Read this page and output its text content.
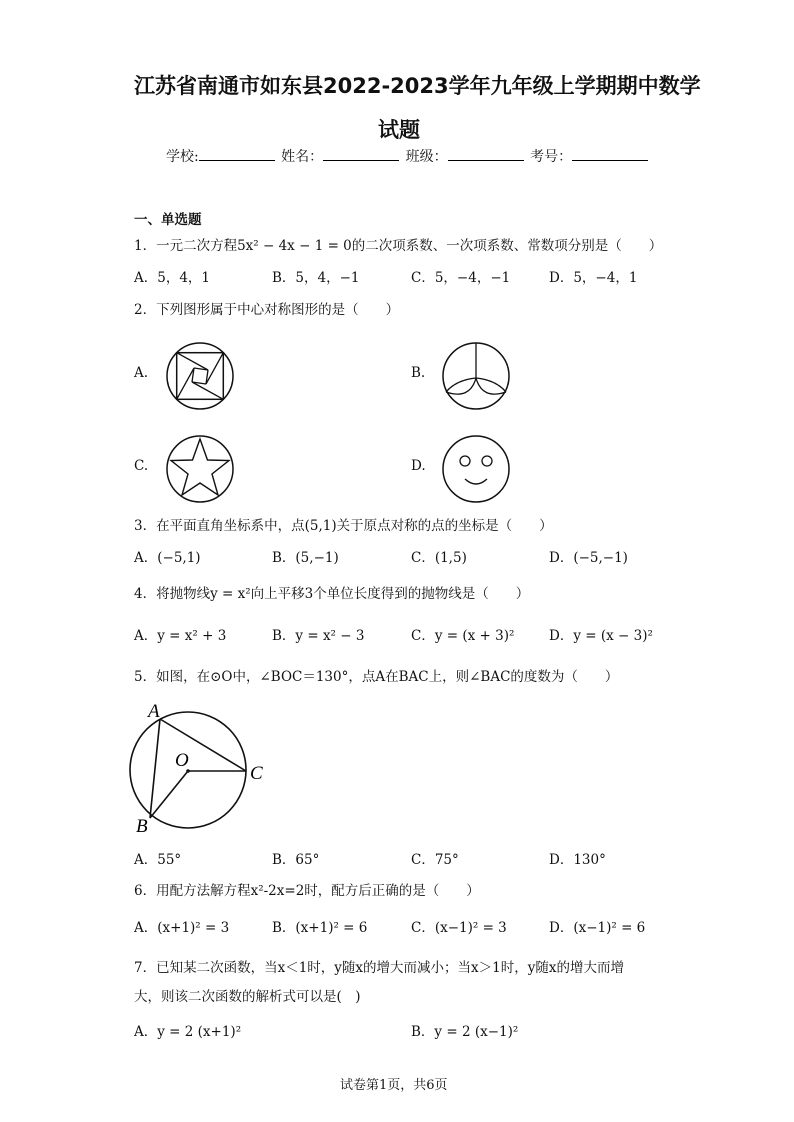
江苏省南通市如东县2022-2023学年九年级上学期期中数学
试题
学校:	姓名：	班级：	考号：
一、单选题
1．一元二次方程5x² − 4x − 1 = 0的二次项系数、一次项系数、常数项分别是（　　）
A．5，4，1	B．5，4，−1	C．5，−4，−1	D．5，−4，1
2．下列图形属于中心对称图形的是（　　）
A.	B.
C.	D.
3．在平面直角坐标系中，点(5,1)关于原点对称的点的坐标是（　　）
A．(−5,1)	B．(5,−1)	C．(1,5)	D．(−5,−1)
4．将抛物线y = x²向上平移3个单位长度得到的抛物线是（　　）
A．y = x² + 3	B．y = x² − 3	C．y = (x + 3)²	D．y = (x − 3)²
5．如图，在⊙O中，∠BOC＝130°，点A在BAC上，则∠BAC的度数为（　　）
A
O
C
B
A．55°	B．65°	C．75°	D．130°
6．用配方法解方程x²-2x=2时，配方后正确的是（　　）
A．(x+1)² = 3	B．(x+1)² = 6	C．(x−1)² = 3	D．(x−1)² = 6
7．已知某二次函数，当x＜1时，y随x的增大而减小；当x＞1时，y随x的增大而增
大，则该二次函数的解析式可以是(　)
A．y = 2 (x+1)²	B．y = 2 (x−1)²
试卷第1页，共6页
